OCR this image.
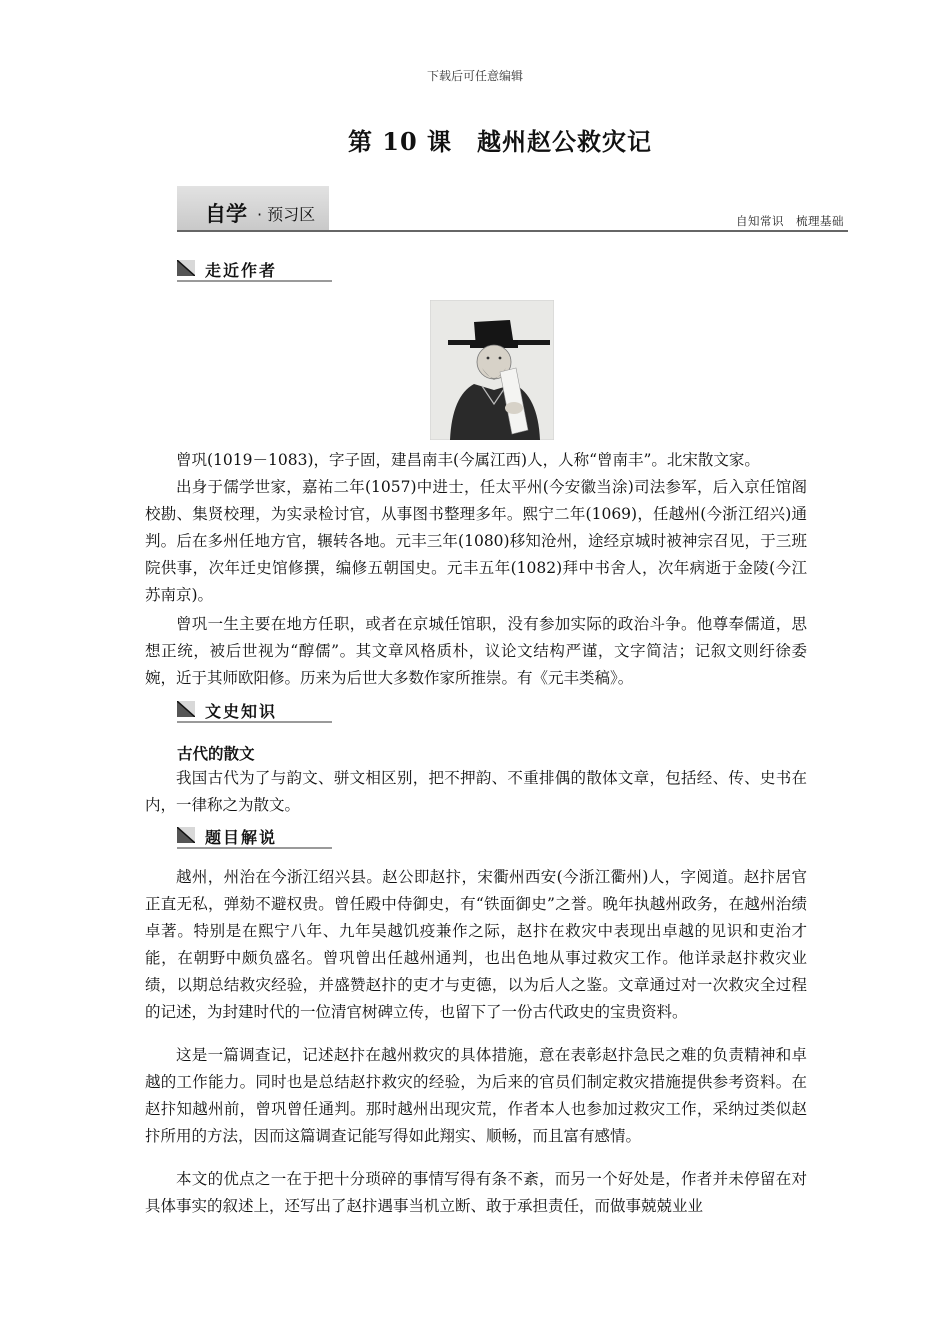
下载后可任意编辑
第 10 课　越州赵公救灾记
自学 · 预习区	自知常识　梳理基础
走近作者

曾巩(1019－1083)，字子固，建昌南丰(今属江西)人，人称“曾南丰”。北宋散文家。

出身于儒学世家，嘉祐二年(1057)中进士，任太平州(今安徽当涂)司法参军，后入京任馆阁校勘、集贤校理，为实录检讨官，从事图书整理多年。熙宁二年(1069)，任越州(今浙江绍兴)通判。后在多州任地方官，辗转各地。元丰三年(1080)移知沧州，途经京城时被神宗召见，于三班院供事，次年迁史馆修撰，编修五朝国史。元丰五年(1082)拜中书舍人，次年病逝于金陵(今江苏南京)。

曾巩一生主要在地方任职，或者在京城任馆职，没有参加实际的政治斗争。他尊奉儒道，思想正统，被后世视为“醇儒”。其文章风格质朴，议论文结构严谨，文字简洁；记叙文则纡徐委婉，近于其师欧阳修。历来为后世大多数作家所推崇。有《元丰类稿》。

文史知识
古代的散文

我国古代为了与韵文、骈文相区别，把不押韵、不重排偶的散体文章，包括经、传、史书在内，一律称之为散文。

题目解说

越州，州治在今浙江绍兴县。赵公即赵抃，宋衢州西安(今浙江衢州)人，字阅道。赵抃居官正直无私，弹劾不避权贵。曾任殿中侍御史，有“铁面御史”之誉。晚年执越州政务，在越州治绩卓著。特别是在熙宁八年、九年吴越饥疫兼作之际，赵抃在救灾中表现出卓越的见识和吏治才能，在朝野中颇负盛名。曾巩曾出任越州通判，也出色地从事过救灾工作。他详录赵抃救灾业绩，以期总结救灾经验，并盛赞赵抃的吏才与吏德，以为后人之鉴。文章通过对一次救灾全过程的记述，为封建时代的一位清官树碑立传，也留下了一份古代政史的宝贵资料。

这是一篇调查记，记述赵抃在越州救灾的具体措施，意在表彰赵抃急民之难的负责精神和卓越的工作能力。同时也是总结赵抃救灾的经验，为后来的官员们制定救灾措施提供参考资料。在赵抃知越州前，曾巩曾任通判。那时越州出现灾荒，作者本人也参加过救灾工作，采纳过类似赵抃所用的方法，因而这篇调查记能写得如此翔实、顺畅，而且富有感情。

本文的优点之一在于把十分琐碎的事情写得有条不紊，而另一个好处是，作者并未停留在对具体事实的叙述上，还写出了赵抃遇事当机立断、敢于承担责任，而做事兢兢业业
